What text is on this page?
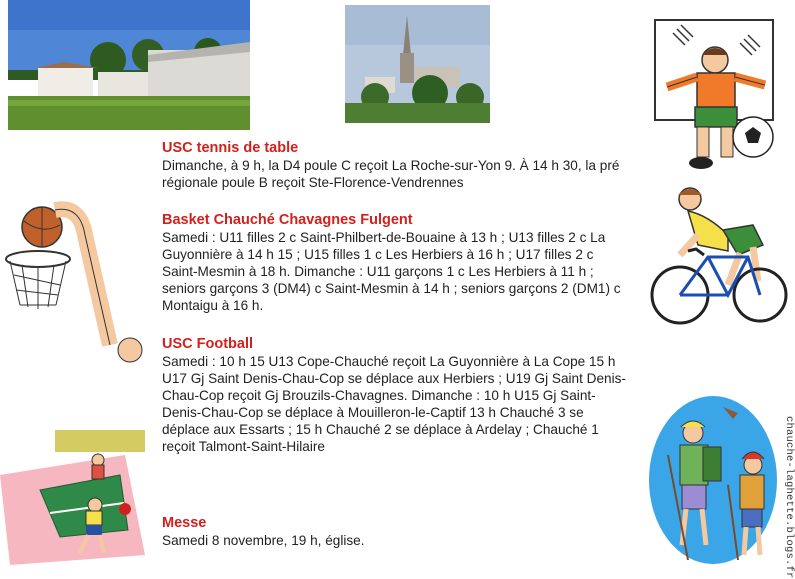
USC tennis de table
Dimanche, à 9 h, la D4 poule C reçoit La Roche-sur-Yon 9. À 14 h 30, la pré régionale poule B reçoit Ste-Florence-Vendrennes
Basket Chauché Chavagnes Fulgent
Samedi : U11 filles 2 c Saint-Philbert-de-Bouaine à 13 h ; U13 filles 2 c La Guyonnière à 14 h 15 ; U15 filles 1 c Les Herbiers à 16 h ; U17 filles 2 c Saint-Mesmin à 18 h. Dimanche : U11 garçons 1 c Les Herbiers à 11 h ; seniors garçons 3 (DM4) c Saint-Mesmin à 14 h ; seniors garçons 2 (DM1) c Montaigu à 16 h.
USC Football
Samedi : 10 h 15 U13 Cope-Chauché reçoit La Guyonnière à La Cope 15 h U17 Gj Saint Denis-Chau-Cop se déplace aux Herbiers ; U19 Gj Saint Denis-Chau-Cop reçoit Gj Brouzils-Chavagnes. Dimanche : 10 h U15 Gj Saint-Denis-Chau-Cop se déplace à Mouilleron-le-Captif 13 h Chauché 3 se déplace aux Essarts ; 15 h Chauché 2 se déplace à Ardelay ; Chauché 1 reçoit Talmont-Saint-Hilaire
Messe
Samedi 8 novembre, 19 h, église.	chauche-laghette.blogs.fr
